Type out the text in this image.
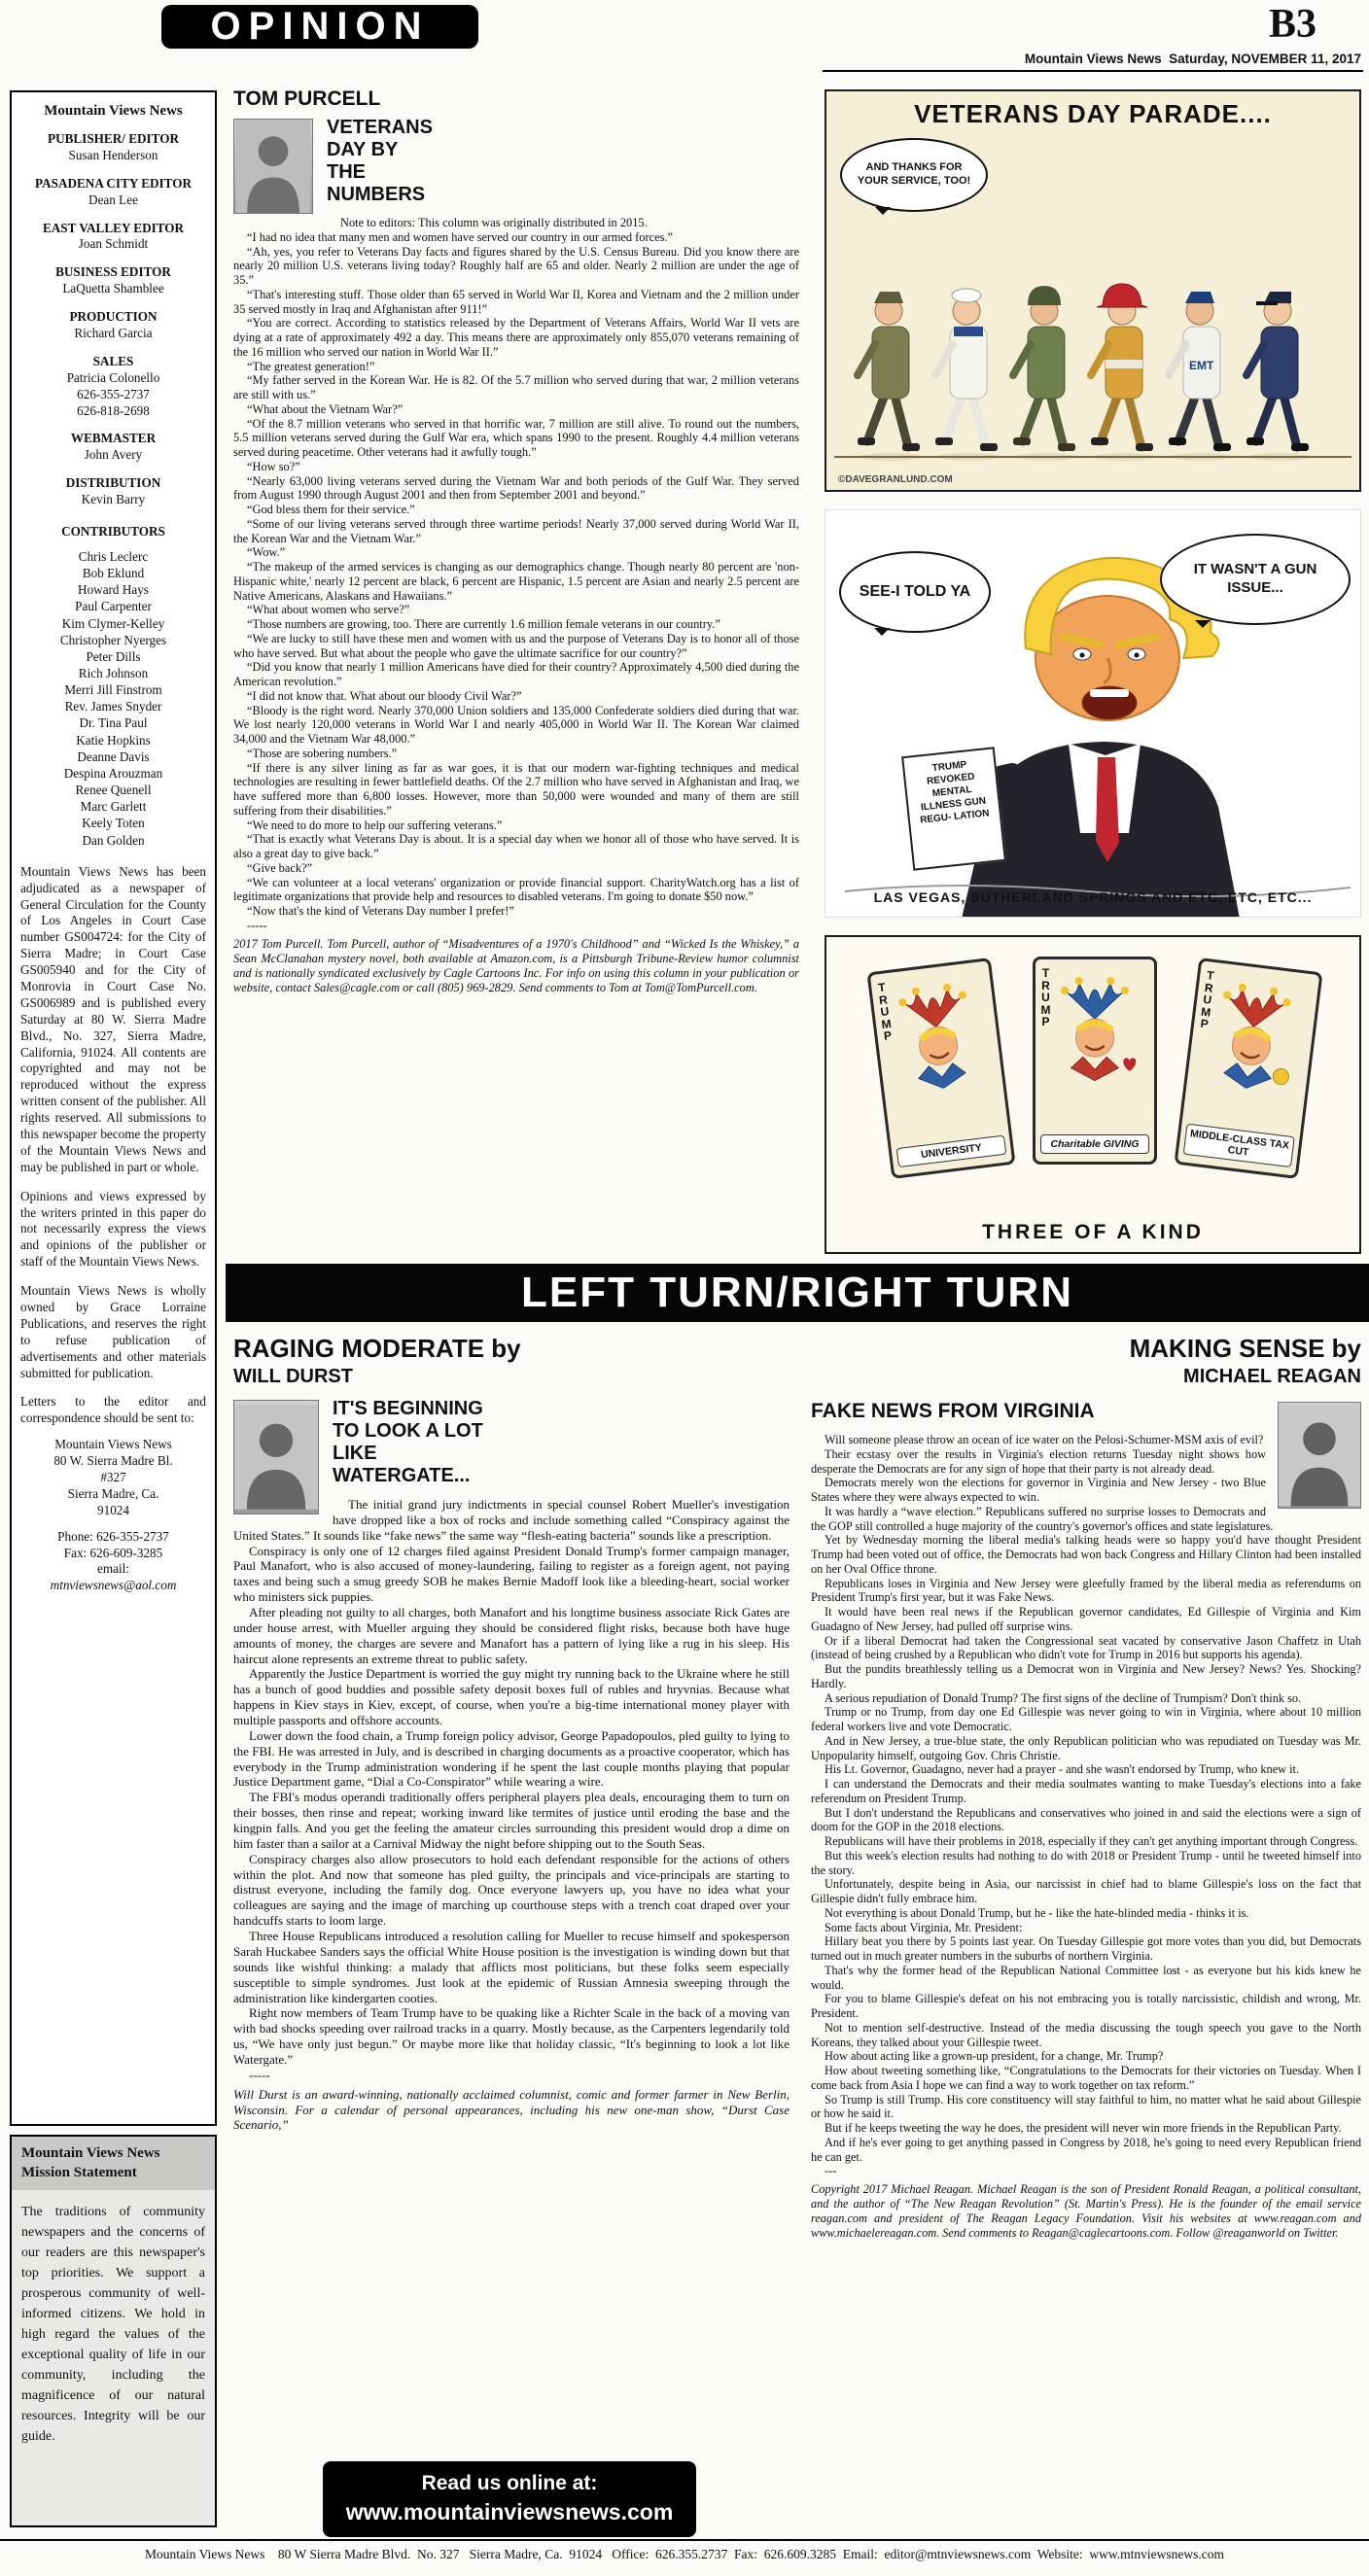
OPINION	B3
Mountain Views News  Saturday, NOVEMBER 11, 2017
Mountain Views News
PUBLISHER/ EDITOR
Susan Henderson
PASADENA CITY EDITOR
Dean Lee
EAST VALLEY EDITOR
Joan Schmidt
BUSINESS EDITOR
LaQuetta Shamblee
PRODUCTION
Richard Garcia
SALES
Patricia Colonello
626-355-2737
626-818-2698
WEBMASTER
John Avery
DISTRIBUTION
Kevin Barry
CONTRIBUTORS
Chris Leclerc
Bob Eklund
Howard Hays
Paul Carpenter
Kim Clymer-Kelley
Christopher Nyerges
Peter Dills
Rich Johnson
Merri Jill Finstrom
Rev. James Snyder
Dr. Tina Paul
Katie Hopkins
Deanne Davis
Despina Arouzman
Renee Quenell
Marc Garlett
Keely Toten
Dan Golden

Mountain Views News has been adjudicated as a newspaper of General Circulation for the County of Los Angeles in Court Case number GS004724: for the City of Sierra Madre; in Court Case GS005940 and for the City of Monrovia in Court Case No. GS006989 and is published every Saturday at 80 W. Sierra Madre Blvd., No. 327, Sierra Madre, California, 91024. All contents are copyrighted and may not be reproduced without the express written consent of the publisher. All rights reserved. All submissions to this newspaper become the property of the Mountain Views News and may be published in part or whole.

Opinions and views expressed by the writers printed in this paper do not necessarily express the views and opinions of the publisher or staff of the Mountain Views News.

Mountain Views News is wholly owned by Grace Lorraine Publications, and reserves the right to refuse publication of advertisements and other materials submitted for publication.

Letters to the editor and correspondence should be sent to:
Mountain Views News
80 W. Sierra Madre Bl.
#327
Sierra Madre, Ca.
91024
Phone: 626-355-2737
Fax: 626-609-3285
email:
mtnviewsnews@aol.com
Mountain Views News Mission Statement
The traditions of community newspapers and the concerns of our readers are this newspaper's top priorities. We support a prosperous community of well-informed citizens. We hold in high regard the values of the exceptional quality of life in our community, including the magnificence of our natural resources. Integrity will be our guide.
TOM PURCELL
VETERANS DAY BY THE NUMBERS

Note to editors: This column was originally distributed in 2015.

“I had no idea that many men and women have served our country in our armed forces.”

“Ah, yes, you refer to Veterans Day facts and figures shared by the U.S. Census Bureau. Did you know there are nearly 20 million U.S. veterans living today? Roughly half are 65 and older. Nearly 2 million are under the age of 35.”

“That's interesting stuff. Those older than 65 served in World War II, Korea and Vietnam and the 2 million under 35 served mostly in Iraq and Afghanistan after 911!”

“You are correct. According to statistics released by the Department of Veterans Affairs, World War II vets are dying at a rate of approximately 492 a day. This means there are approximately only 855,070 veterans remaining of the 16 million who served our nation in World War II.”

“The greatest generation!”

“My father served in the Korean War. He is 82. Of the 5.7 million who served during that war, 2 million veterans are still with us.”

“What about the Vietnam War?”

“Of the 8.7 million veterans who served in that horrific war, 7 million are still alive. To round out the numbers, 5.5 million veterans served during the Gulf War era, which spans 1990 to the present. Roughly 4.4 million veterans served during peacetime. Other veterans had it awfully tough.”

“How so?”

“Nearly 63,000 living veterans served during the Vietnam War and both periods of the Gulf War. They served from August 1990 through August 2001 and then from September 2001 and beyond.”

“God bless them for their service.”

“Some of our living veterans served through three wartime periods! Nearly 37,000 served during World War II, the Korean War and the Vietnam War.”

“Wow.”

“The makeup of the armed services is changing as our demographics change. Though nearly 80 percent are 'non-Hispanic white,' nearly 12 percent are black, 6 percent are Hispanic, 1.5 percent are Asian and nearly 2.5 percent are Native Americans, Alaskans and Hawaiians.”

“What about women who serve?”

“Those numbers are growing, too. There are currently 1.6 million female veterans in our country.”

“We are lucky to still have these men and women with us and the purpose of Veterans Day is to honor all of those who have served. But what about the people who gave the ultimate sacrifice for our country?”

“Did you know that nearly 1 million Americans have died for their country? Approximately 4,500 died during the American revolution.”

“I did not know that. What about our bloody Civil War?”

“Bloody is the right word. Nearly 370,000 Union soldiers and 135,000 Confederate soldiers died during that war. We lost nearly 120,000 veterans in World War I and nearly 405,000 in World War II. The Korean War claimed 34,000 and the Vietnam War 48,000.”

“Those are sobering numbers.”

“If there is any silver lining as far as war goes, it is that our modern war-fighting techniques and medical technologies are resulting in fewer battlefield deaths. Of the 2.7 million who have served in Afghanistan and Iraq, we have suffered more than 6,800 losses. However, more than 50,000 were wounded and many of them are still suffering from their disabilities.”

“We need to do more to help our suffering veterans.”

“That is exactly what Veterans Day is about. It is a special day when we honor all of those who have served. It is also a great day to give back.”

“Give back?”

“We can volunteer at a local veterans' organization or provide financial support. CharityWatch.org has a list of legitimate organizations that provide help and resources to disabled veterans. I'm going to donate $50 now.”

“Now that's the kind of Veterans Day number I prefer!”

-----

2017 Tom Purcell. Tom Purcell, author of “Misadventures of a 1970's Childhood” and “Wicked Is the Whiskey,” a Sean McClanahan mystery novel, both available at Amazon.com, is a Pittsburgh Tribune-Review humor columnist and is nationally syndicated exclusively by Cagle Cartoons Inc. For info on using this column in your publication or website, contact Sales@cagle.com or call (805) 969-2829. Send comments to Tom at Tom@TomPurcell.com.

VETERANS DAY PARADE....
AND THANKS FOR YOUR SERVICE, TOO!
EMT
©DAVEGRANLUND.COM
SEE-I TOLD YA
IT WASN'T A GUN ISSUE...
TRUMP REVOKED MENTAL ILLNESS GUN REGU- LATION
LAS VEGAS, SUTHERLAND SPRINGS AND ETC, ETC, ETC...
TRUMP
UNIVERSITY
TRUMP
Charitable GIVING
TRUMP
MIDDLE-CLASS TAX CUT
THREE OF A KIND
LEFT TURN/RIGHT TURN
RAGING MODERATE by
WILL DURST
IT'S BEGINNING TO LOOK A LOT LIKE WATERGATE...

The initial grand jury indictments in special counsel Robert Mueller's investigation have dropped like a box of rocks and include something called “Conspiracy against the United States.” It sounds like “fake news” the same way “flesh-eating bacteria” sounds like a prescription.

Conspiracy is only one of 12 charges filed against President Donald Trump's former campaign manager, Paul Manafort, who is also accused of money-laundering, failing to register as a foreign agent, not paying taxes and being such a smug greedy SOB he makes Bernie Madoff look like a bleeding-heart, social worker who ministers sick puppies.

After pleading not guilty to all charges, both Manafort and his longtime business associate Rick Gates are under house arrest, with Mueller arguing they should be considered flight risks, because both have huge amounts of money, the charges are severe and Manafort has a pattern of lying like a rug in his sleep. His haircut alone represents an extreme threat to public safety.

Apparently the Justice Department is worried the guy might try running back to the Ukraine where he still has a bunch of good buddies and possible safety deposit boxes full of rubles and hryvnias. Because what happens in Kiev stays in Kiev, except, of course, when you're a big-time international money player with multiple passports and offshore accounts.

Lower down the food chain, a Trump foreign policy advisor, George Papadopoulos, pled guilty to lying to the FBI. He was arrested in July, and is described in charging documents as a proactive cooperator, which has everybody in the Trump administration wondering if he spent the last couple months playing that popular Justice Department game, “Dial a Co-Conspirator” while wearing a wire.

The FBI's modus operandi traditionally offers peripheral players plea deals, encouraging them to turn on their bosses, then rinse and repeat; working inward like termites of justice until eroding the base and the kingpin falls. And you get the feeling the amateur circles surrounding this president would drop a dime on him faster than a sailor at a Carnival Midway the night before shipping out to the South Seas.

Conspiracy charges also allow prosecutors to hold each defendant responsible for the actions of others within the plot. And now that someone has pled guilty, the principals and vice-principals are starting to distrust everyone, including the family dog. Once everyone lawyers up, you have no idea what your colleagues are saying and the image of marching up courthouse steps with a trench coat draped over your handcuffs starts to loom large.

Three House Republicans introduced a resolution calling for Mueller to recuse himself and spokesperson Sarah Huckabee Sanders says the official White House position is the investigation is winding down but that sounds like wishful thinking: a malady that afflicts most politicians, but these folks seem especially susceptible to simple syndromes. Just look at the epidemic of Russian Amnesia sweeping through the administration like kindergarten cooties.

Right now members of Team Trump have to be quaking like a Richter Scale in the back of a moving van with bad shocks speeding over railroad tracks in a quarry. Mostly because, as the Carpenters legendarily told us, “We have only just begun.” Or maybe more like that holiday classic, “It's beginning to look a lot like Watergate.”

-----

Will Durst is an award-winning, nationally acclaimed columnist, comic and former farmer in New Berlin, Wisconsin. For a calendar of personal appearances, including his new one-man show, “Durst Case Scenario,”

MAKING SENSE by
MICHAEL REAGAN
FAKE NEWS FROM VIRGINIA

Will someone please throw an ocean of ice water on the Pelosi-Schumer-MSM axis of evil?

Their ecstasy over the results in Virginia's election returns Tuesday night shows how desperate the Democrats are for any sign of hope that their party is not already dead.

Democrats merely won the elections for governor in Virginia and New Jersey - two Blue States where they were always expected to win.

It was hardly a “wave election.” Republicans suffered no surprise losses to Democrats and the GOP still controlled a huge majority of the country's governor's offices and state legislatures.

Yet by Wednesday morning the liberal media's talking heads were so happy you'd have thought President Trump had been voted out of office, the Democrats had won back Congress and Hillary Clinton had been installed on her Oval Office throne.

Republicans loses in Virginia and New Jersey were gleefully framed by the liberal media as referendums on President Trump's first year, but it was Fake News.

It would have been real news if the Republican governor candidates, Ed Gillespie of Virginia and Kim Guadagno of New Jersey, had pulled off surprise wins.

Or if a liberal Democrat had taken the Congressional seat vacated by conservative Jason Chaffetz in Utah (instead of being crushed by a Republican who didn't vote for Trump in 2016 but supports his agenda).

But the pundits breathlessly telling us a Democrat won in Virginia and New Jersey? News? Yes. Shocking? Hardly.

A serious repudiation of Donald Trump? The first signs of the decline of Trumpism? Don't think so.

Trump or no Trump, from day one Ed Gillespie was never going to win in Virginia, where about 10 million federal workers live and vote Democratic.

And in New Jersey, a true-blue state, the only Republican politician who was repudiated on Tuesday was Mr. Unpopularity himself, outgoing Gov. Chris Christie.

His Lt. Governor, Guadagno, never had a prayer - and she wasn't endorsed by Trump, who knew it.

I can understand the Democrats and their media soulmates wanting to make Tuesday's elections into a fake referendum on President Trump.

But I don't understand the Republicans and conservatives who joined in and said the elections were a sign of doom for the GOP in the 2018 elections.

Republicans will have their problems in 2018, especially if they can't get anything important through Congress.

But this week's election results had nothing to do with 2018 or President Trump - until he tweeted himself into the story.

Unfortunately, despite being in Asia, our narcissist in chief had to blame Gillespie's loss on the fact that Gillespie didn't fully embrace him.

Not everything is about Donald Trump, but he - like the hate-blinded media - thinks it is.

Some facts about Virginia, Mr. President:

Hillary beat you there by 5 points last year. On Tuesday Gillespie got more votes than you did, but Democrats turned out in much greater numbers in the suburbs of northern Virginia.

That's why the former head of the Republican National Committee lost - as everyone but his kids knew he would.

For you to blame Gillespie's defeat on his not embracing you is totally narcissistic, childish and wrong, Mr. President.

Not to mention self-destructive. Instead of the media discussing the tough speech you gave to the North Koreans, they talked about your Gillespie tweet.

How about acting like a grown-up president, for a change, Mr. Trump?

How about tweeting something like, “Congratulations to the Democrats for their victories on Tuesday. When I come back from Asia I hope we can find a way to work together on tax reform.”

So Trump is still Trump. His core constituency will stay faithful to him, no matter what he said about Gillespie or how he said it.

But if he keeps tweeting the way he does, the president will never win more friends in the Republican Party.

And if he's ever going to get anything passed in Congress by 2018, he's going to need every Republican friend he can get.

---

Copyright 2017 Michael Reagan. Michael Reagan is the son of President Ronald Reagan, a political consultant, and the author of “The New Reagan Revolution” (St. Martin's Press). He is the founder of the email service reagan.com and president of The Reagan Legacy Foundation. Visit his websites at www.reagan.com and www.michaelereagan.com. Send comments to Reagan@caglecartoons.com. Follow @reaganworld on Twitter.

Read us online at:
www.mountainviewsnews.com
Mountain Views News    80 W Sierra Madre Blvd.  No. 327   Sierra Madre, Ca.  91024   Office:  626.355.2737  Fax:  626.609.3285  Email:  editor@mtnviewsnews.com  Website:  www.mtnviewsnews.com
